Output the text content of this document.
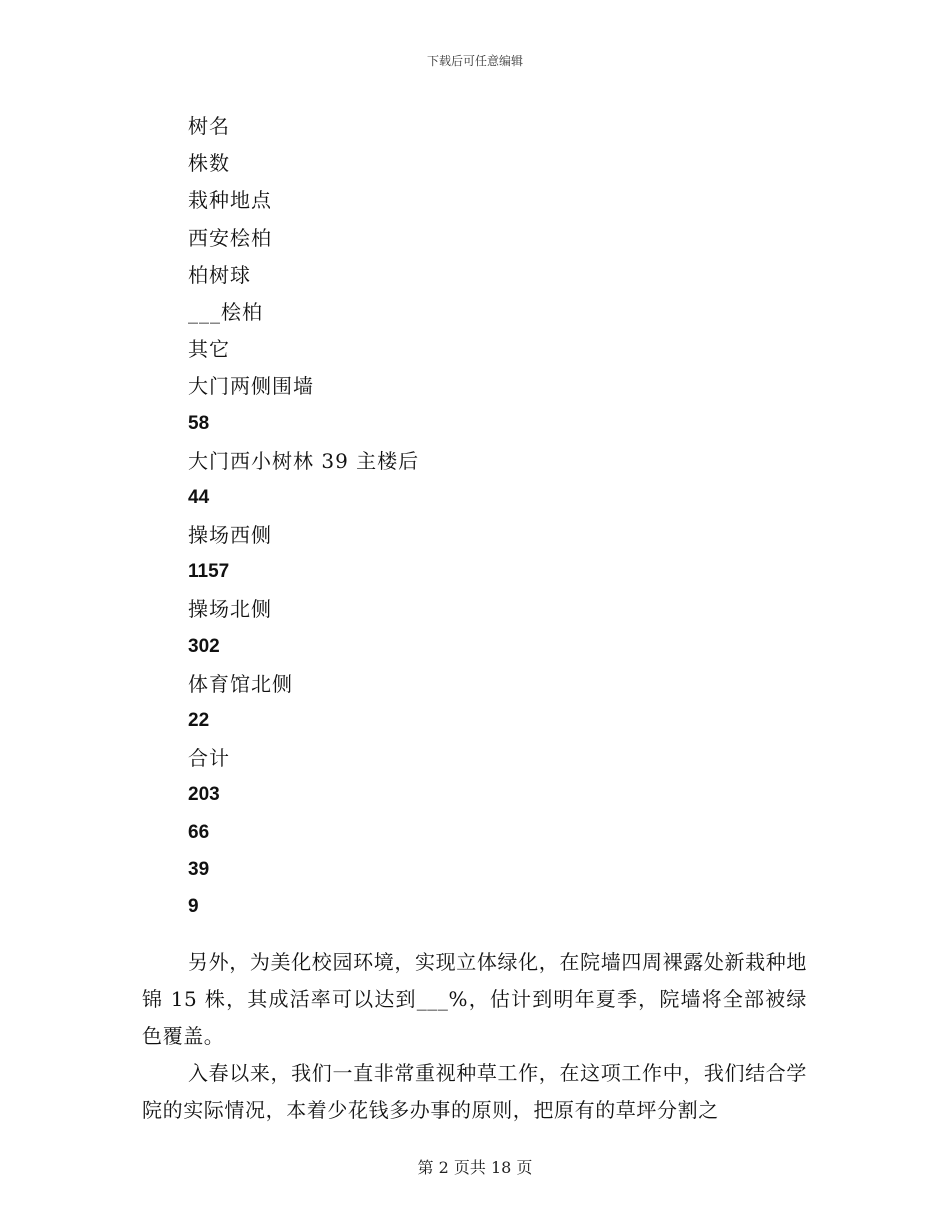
下载后可任意编辑
树名
株数
栽种地点
西安桧柏
柏树球
___桧柏
其它
大门两侧围墙
58
大门西小树林 39 主楼后
44
操场西侧
1157
操场北侧
302
体育馆北侧
22
合计
203
66
39
9

另外，为美化校园环境，实现立体绿化，在院墙四周裸露处新栽种地锦 15 株，其成活率可以达到___%，估计到明年夏季，院墙将全部被绿色覆盖。

入春以来，我们一直非常重视种草工作，在这项工作中，我们结合学院的实际情况，本着少花钱多办事的原则，把原有的草坪分割之

第 2 页共 18 页
